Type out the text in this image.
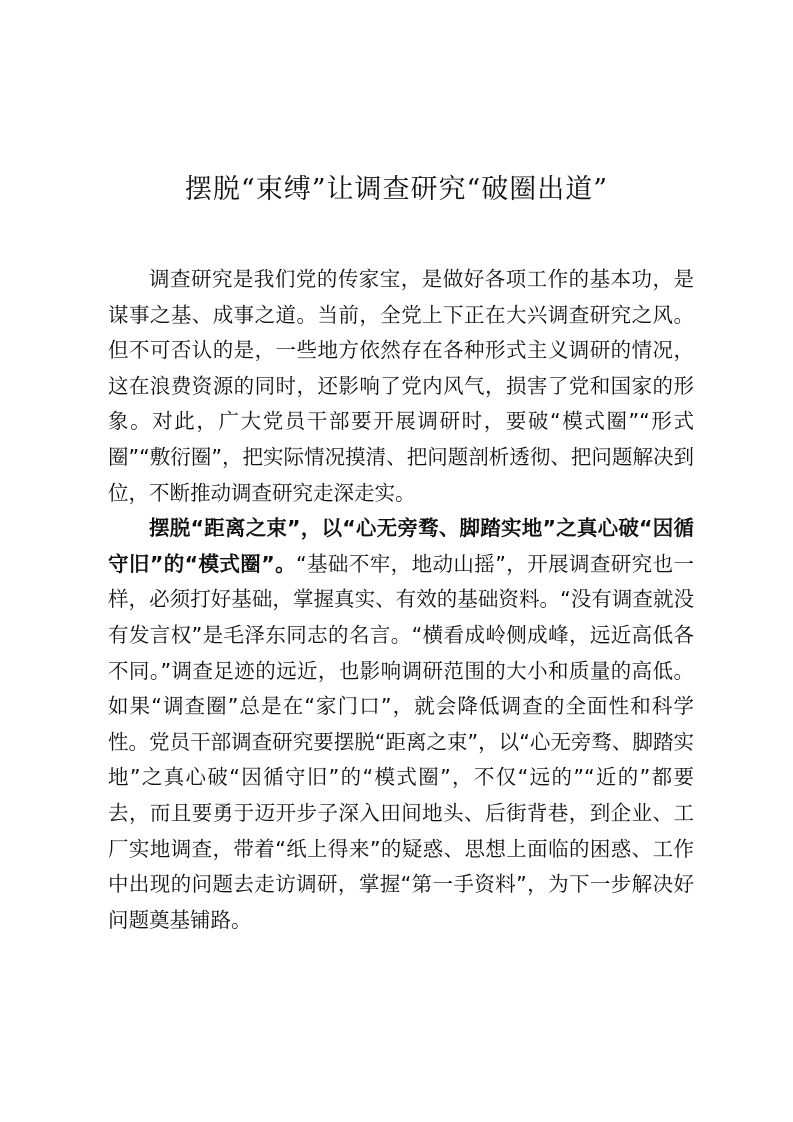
摆脱“束缚”让调查研究“破圈出道”

调查研究是我们党的传家宝，是做好各项工作的基本功，是谋事之基、成事之道。当前，全党上下正在大兴调查研究之风。但不可否认的是，一些地方依然存在各种形式主义调研的情况，这在浪费资源的同时，还影响了党内风气，损害了党和国家的形象。对此，广大党员干部要开展调研时，要破“模式圈”“形式圈”“敷衍圈”，把实际情况摸清、把问题剖析透彻、把问题解决到位，不断推动调查研究走深走实。

摆脱“距离之束”，以“心无旁骛、脚踏实地”之真心破“因循守旧”的“模式圈”。“基础不牢，地动山摇”，开展调查研究也一样，必须打好基础，掌握真实、有效的基础资料。“没有调查就没有发言权”是毛泽东同志的名言。“横看成岭侧成峰，远近高低各不同。”调查足迹的远近，也影响调研范围的大小和质量的高低。如果“调查圈”总是在“家门口”，就会降低调查的全面性和科学性。党员干部调查研究要摆脱“距离之束”，以“心无旁骛、脚踏实地”之真心破“因循守旧”的“模式圈”，不仅“远的”“近的”都要去，而且要勇于迈开步子深入田间地头、后街背巷，到企业、工厂实地调查，带着“纸上得来”的疑惑、思想上面临的困惑、工作中出现的问题去走访调研，掌握“第一手资料”，为下一步解决好问题奠基铺路。
